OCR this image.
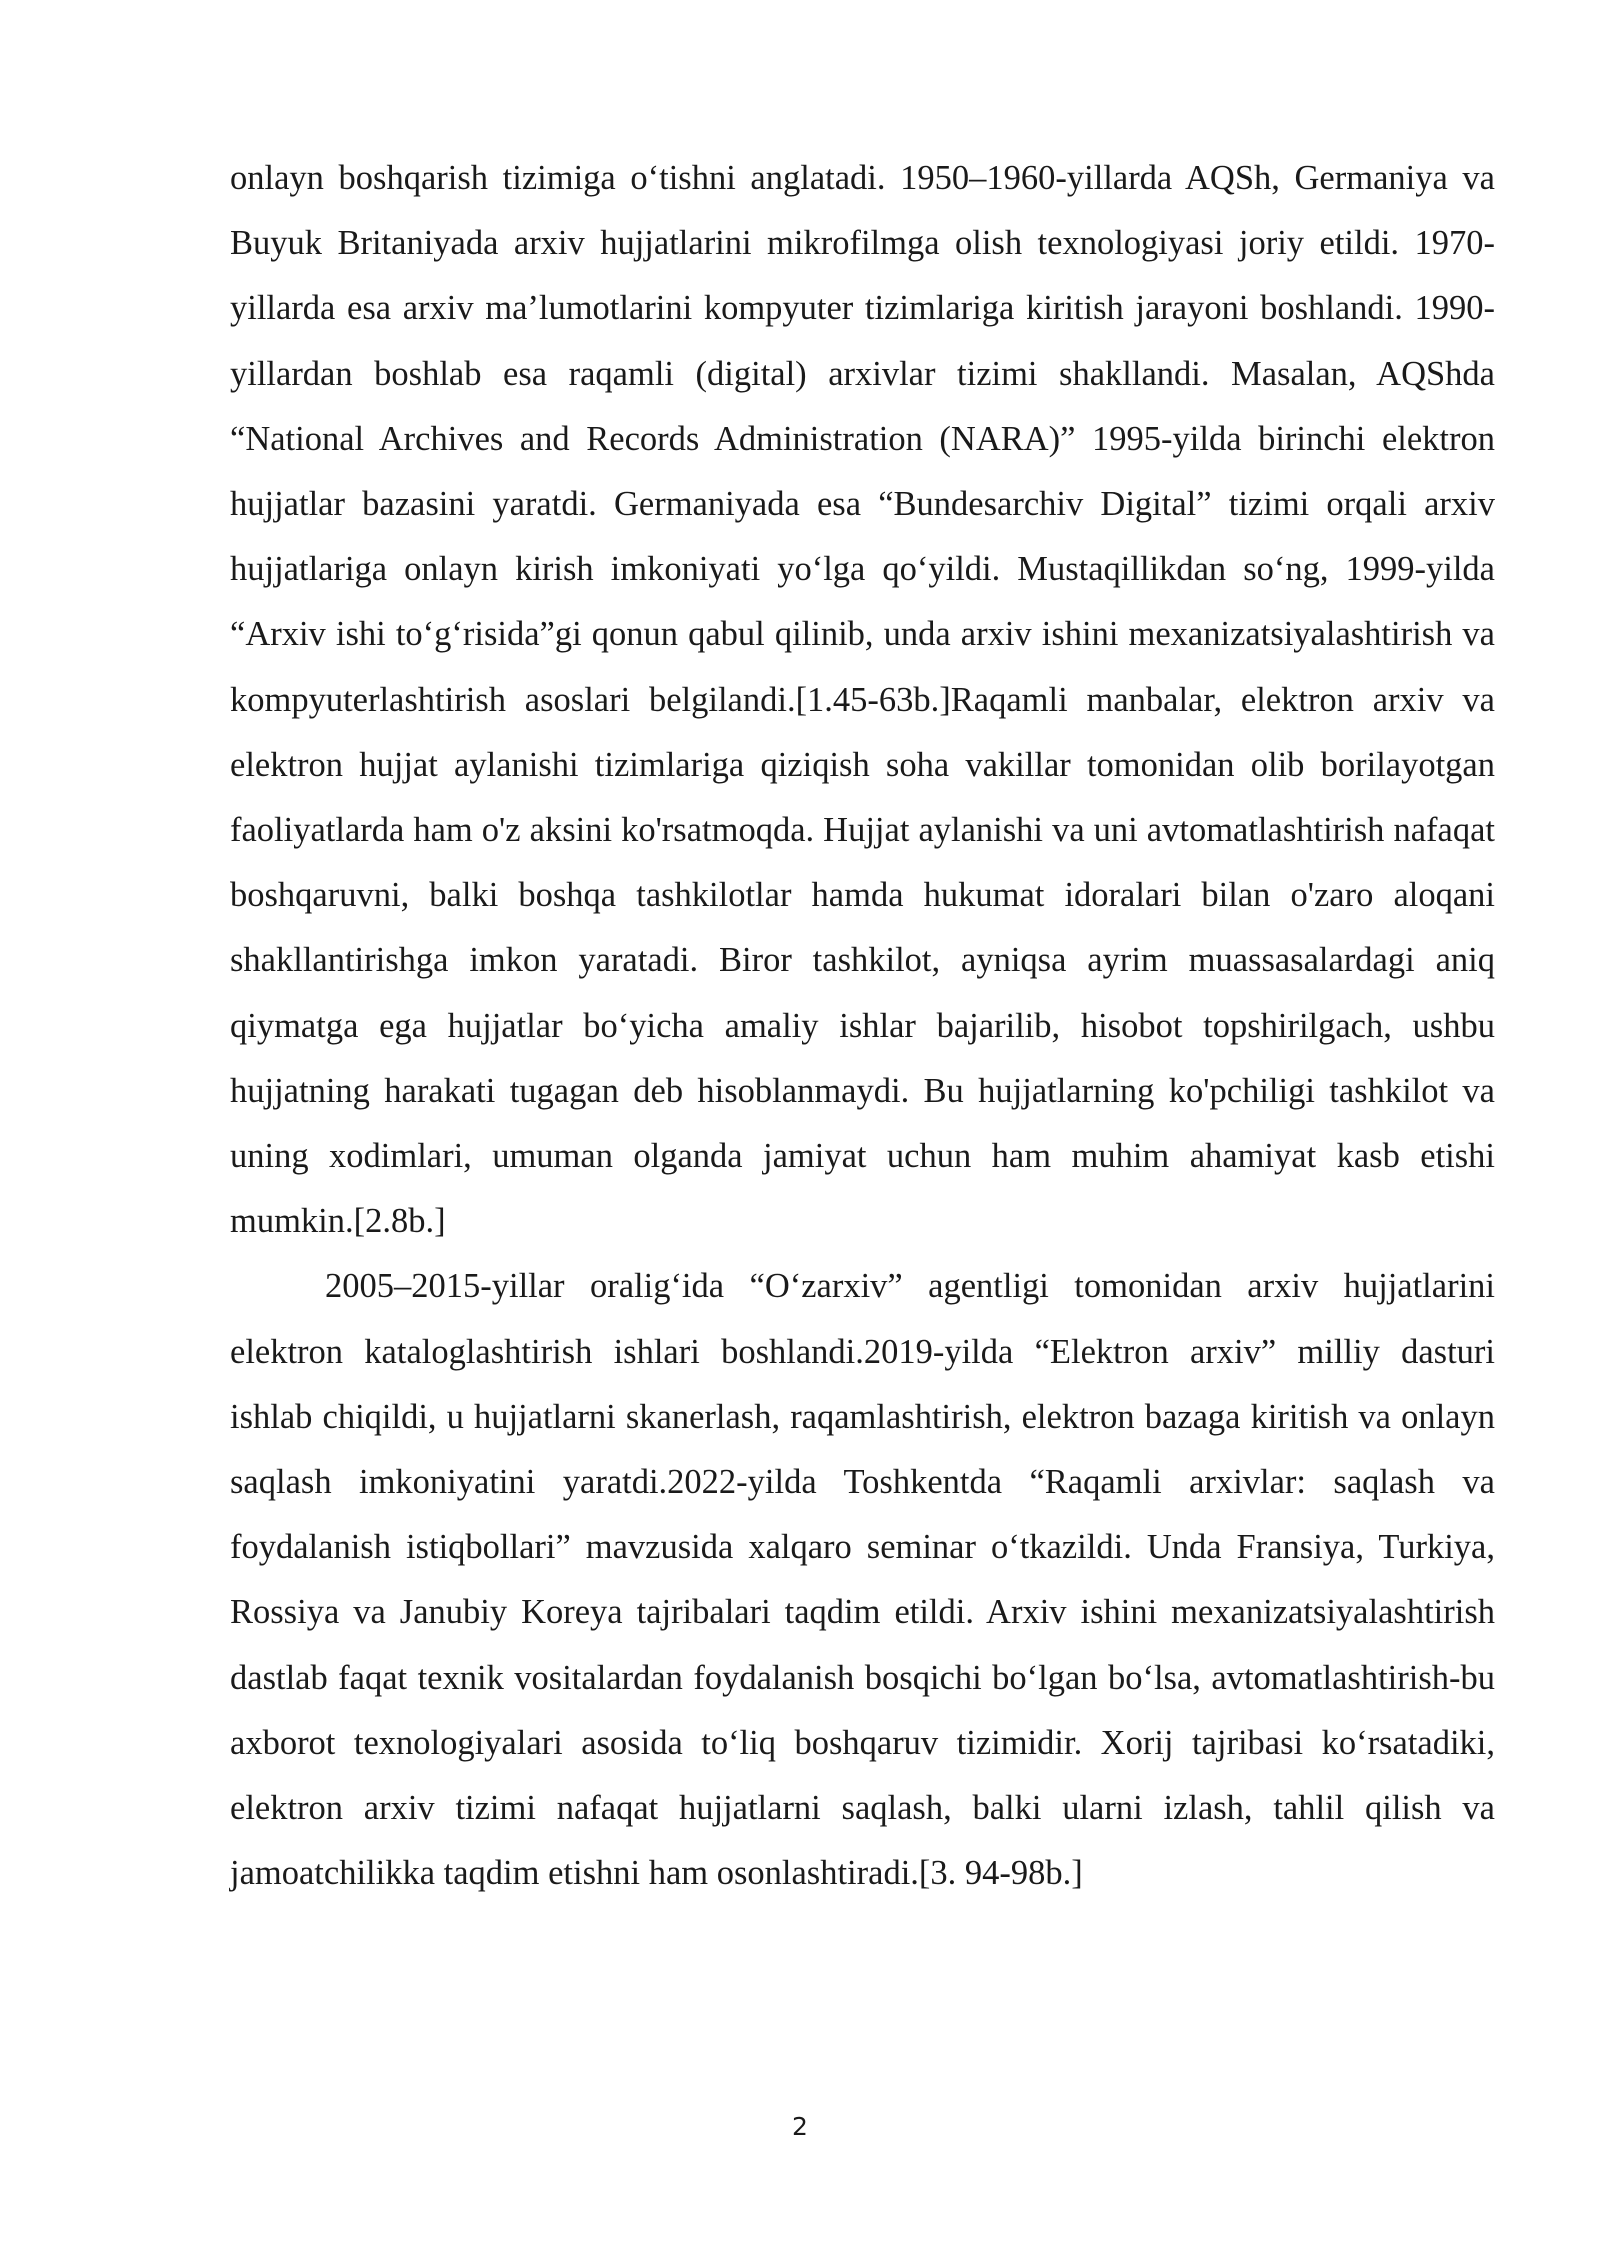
onlayn boshqarish tizimiga o‘tishni anglatadi. 1950–1960-yillarda AQSh, Germaniya va Buyuk Britaniyada arxiv hujjatlarini mikrofilmga olish texnologiyasi joriy etildi. 1970-yillarda esa arxiv ma’lumotlarini kompyuter tizimlariga kiritish jarayoni boshlandi. 1990-yillardan boshlab esa raqamli (digital) arxivlar tizimi shakllandi. Masalan, AQShda “National Archives and Records Administration (NARA)” 1995-yilda birinchi elektron hujjatlar bazasini yaratdi. Germaniyada esa “Bundesarchiv Digital” tizimi orqali arxiv hujjatlariga onlayn kirish imkoniyati yo‘lga qo‘yildi. Mustaqillikdan so‘ng, 1999-yilda “Arxiv ishi to‘g‘risida”gi qonun qabul qilinib, unda arxiv ishini mexanizatsiyalashtirish va kompyuterlashtirish asoslari belgilandi.[1.45-63b.]Raqamli manbalar, elektron arxiv va elektron hujjat aylanishi tizimlariga qiziqish soha vakillar tomonidan olib borilayotgan faoliyatlarda ham o'z aksini ko'rsatmoqda. Hujjat aylanishi va uni avtomatlashtirish nafaqat boshqaruvni, balki boshqa tashkilotlar hamda hukumat idoralari bilan o'zaro aloqani shakllantirishga imkon yaratadi. Biror tashkilot, ayniqsa ayrim muassasalardagi aniq qiymatga ega hujjatlar bo‘yicha amaliy ishlar bajarilib, hisobot topshirilgach, ushbu hujjatning harakati tugagan deb hisoblanmaydi. Bu hujjatlarning ko'pchiligi tashkilot va uning xodimlari, umuman olganda jamiyat uchun ham muhim ahamiyat kasb etishi mumkin.[2.8b.]

2005–2015-yillar oralig‘ida “O‘zarxiv” agentligi tomonidan arxiv hujjatlarini elektron kataloglashtirish ishlari boshlandi.2019-yilda “Elektron arxiv” milliy dasturi ishlab chiqildi, u hujjatlarni skanerlash, raqamlashtirish, elektron bazaga kiritish va onlayn saqlash imkoniyatini yaratdi.2022-yilda Toshkentda “Raqamli arxivlar: saqlash va foydalanish istiqbollari” mavzusida xalqaro seminar o‘tkazildi. Unda Fransiya, Turkiya, Rossiya va Janubiy Koreya tajribalari taqdim etildi. Arxiv ishini mexanizatsiyalashtirish dastlab faqat texnik vositalardan foydalanish bosqichi bo‘lgan bo‘lsa, avtomatlashtirish-bu axborot texnologiyalari asosida to‘liq boshqaruv tizimidir. Xorij tajribasi ko‘rsatadiki, elektron arxiv tizimi nafaqat hujjatlarni saqlash, balki ularni izlash, tahlil qilish va jamoatchilikka taqdim etishni ham osonlashtiradi.[3. 94-98b.]

2
